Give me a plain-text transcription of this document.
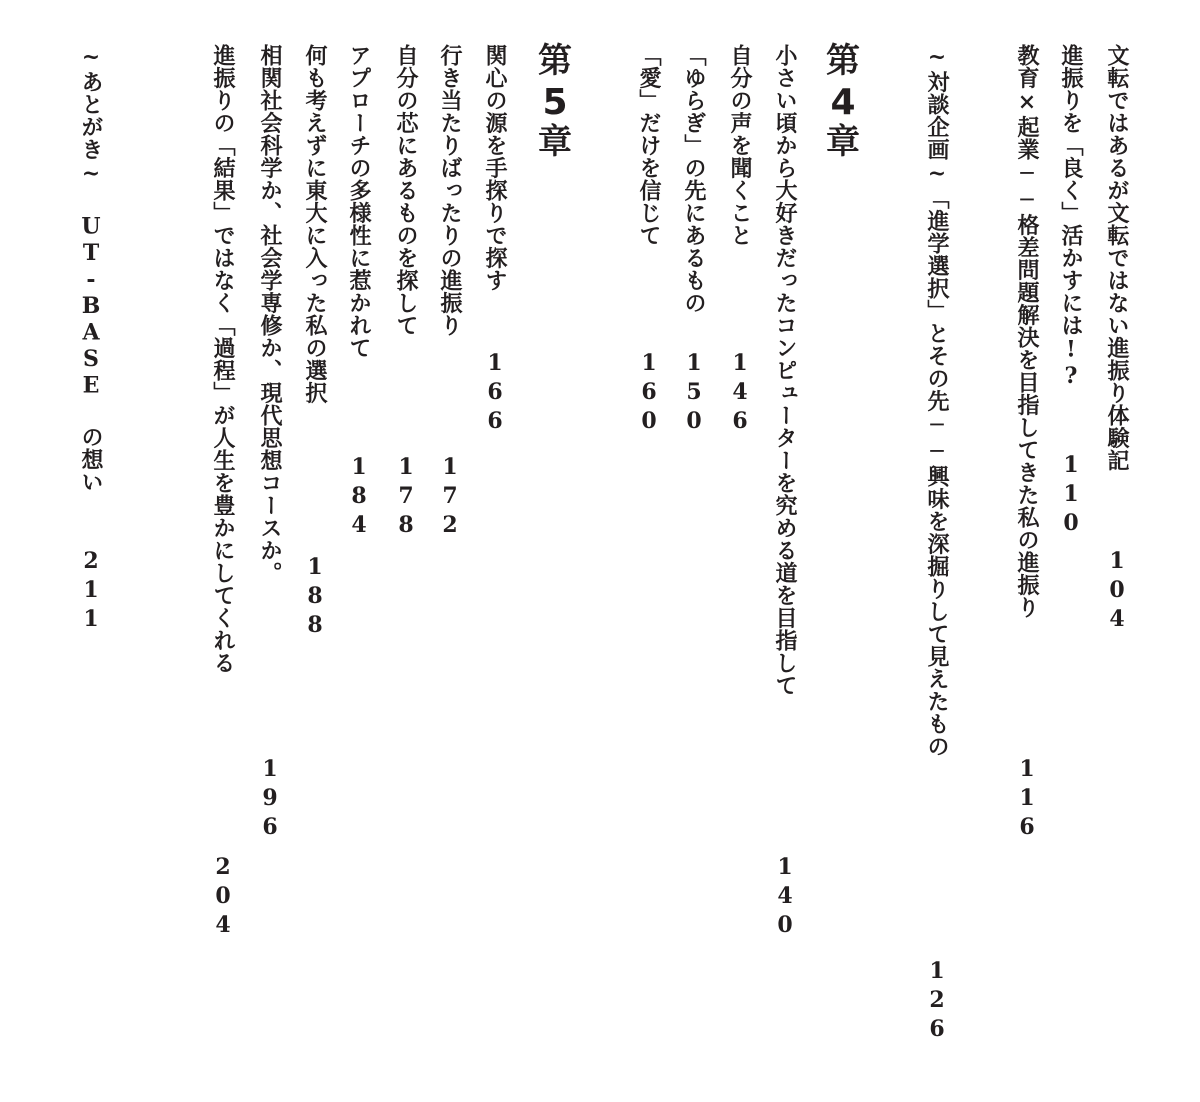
文転ではあるが文転ではない進振り体験記
104
進振りを「良く」活かすには!?
110
教育×起業──格差問題解決を目指してきた私の進振り
116
~対談企画~「進学選択」とその先──興味を深掘りして見えたもの
126
第
4
章
小さい頃から大好きだったコンピューターを究める道を目指して
140
自分の声を聞くこと
146
「ゆらぎ」の先にあるもの
150
「愛」だけを信じて
160
第
5
章
関心の源を手探りで探す
166
行き当たりばったりの進振り
172
自分の芯にあるものを探して
178
アプローチの多様性に惹かれて
184
何も考えずに東大に入った私の選択
188
相関社会科学か、社会学専修か、現代思想コースか。
196
進振りの「結果」ではなく「過程」が人生を豊かにしてくれる
204
~あとがき~ UT-BASE の想い
211
